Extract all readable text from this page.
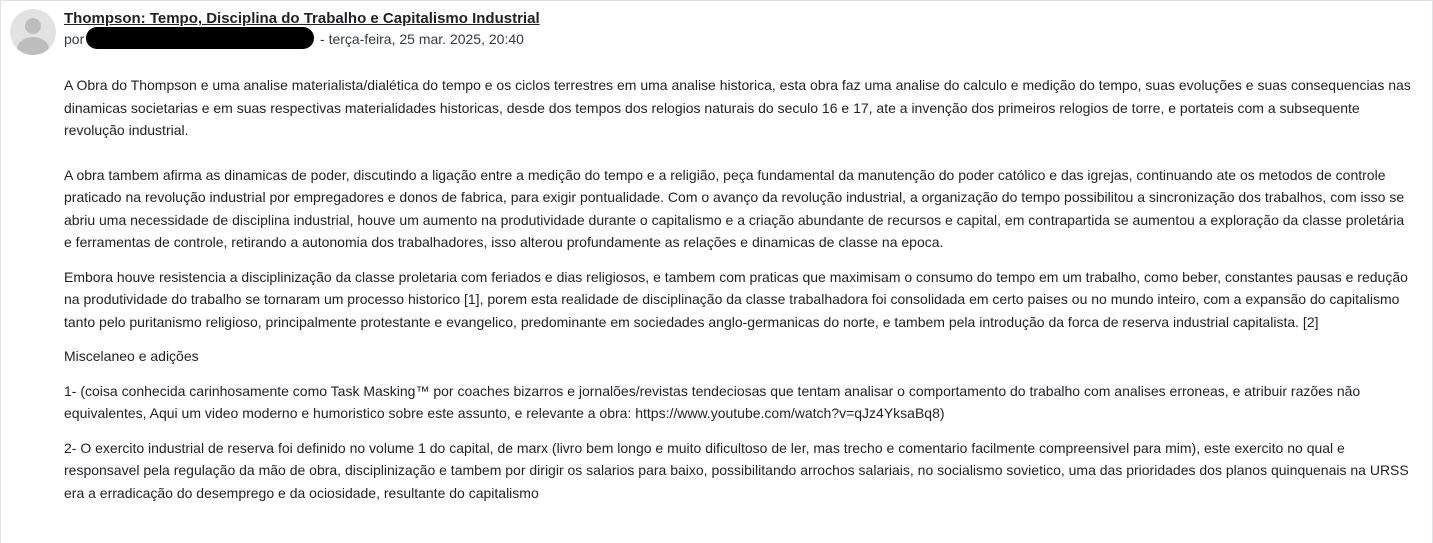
Thompson: Tempo, Disciplina do Trabalho e Capitalismo Industrial
por	- terça-feira, 25 mar. 2025, 20:40

A Obra do Thompson e uma analise materialista/dialética do tempo e os ciclos terrestres em uma analise historica, esta obra faz uma analise do calculo e medição do tempo, suas evoluções e suas consequencias nas dinamicas societarias e em suas respectivas materialidades historicas, desde dos tempos dos relogios naturais do seculo 16 e 17, ate a invenção dos primeiros relogios de torre, e portateis com a subsequente revolução industrial.

A obra tambem afirma as dinamicas de poder, discutindo a ligação entre a medição do tempo e a religião, peça fundamental da manutenção do poder católico e das igrejas, continuando ate os metodos de controle praticado na revolução industrial por empregadores e donos de fabrica, para exigir pontualidade. Com o avanço da revolução industrial, a organização do tempo possibilitou a sincronização dos trabalhos, com isso se abriu uma necessidade de disciplina industrial, houve um aumento na produtividade durante o capitalismo e a criação abundante de recursos e capital, em contrapartida se aumentou a exploração da classe proletária e ferramentas de controle, retirando a autonomia dos trabalhadores, isso alterou profundamente as relações e dinamicas de classe na epoca.

Embora houve resistencia a disciplinização da classe proletaria com feriados e dias religiosos, e tambem com praticas que maximisam o consumo do tempo em um trabalho, como beber, constantes pausas e redução na produtividade do trabalho se tornaram um processo historico [1], porem esta realidade de disciplinação da classe trabalhadora foi consolidada em certo paises ou no mundo inteiro, com a expansão do capitalismo tanto pelo puritanismo religioso, principalmente protestante e evangelico, predominante em sociedades anglo-germanicas do norte, e tambem pela introdução da forca de reserva industrial capitalista. [2]

Miscelaneo e adições

1- (coisa conhecida carinhosamente como Task Masking™ por coaches bizarros e jornalões/revistas tendeciosas que tentam analisar o comportamento do trabalho com analises erroneas, e atribuir razões não equivalentes, Aqui um video moderno e humoristico sobre este assunto, e relevante a obra: https://www.youtube.com/watch?v=qJz4YksaBq8)

2- O exercito industrial de reserva foi definido no volume 1 do capital, de marx (livro bem longo e muito dificultoso de ler, mas trecho e comentario facilmente compreensivel para mim), este exercito no qual e responsavel pela regulação da mão de obra, disciplinização e tambem por dirigir os salarios para baixo, possibilitando arrochos salariais, no socialismo sovietico, uma das prioridades dos planos quinquenais na URSS era a erradicação do desemprego e da ociosidade, resultante do capitalismo
